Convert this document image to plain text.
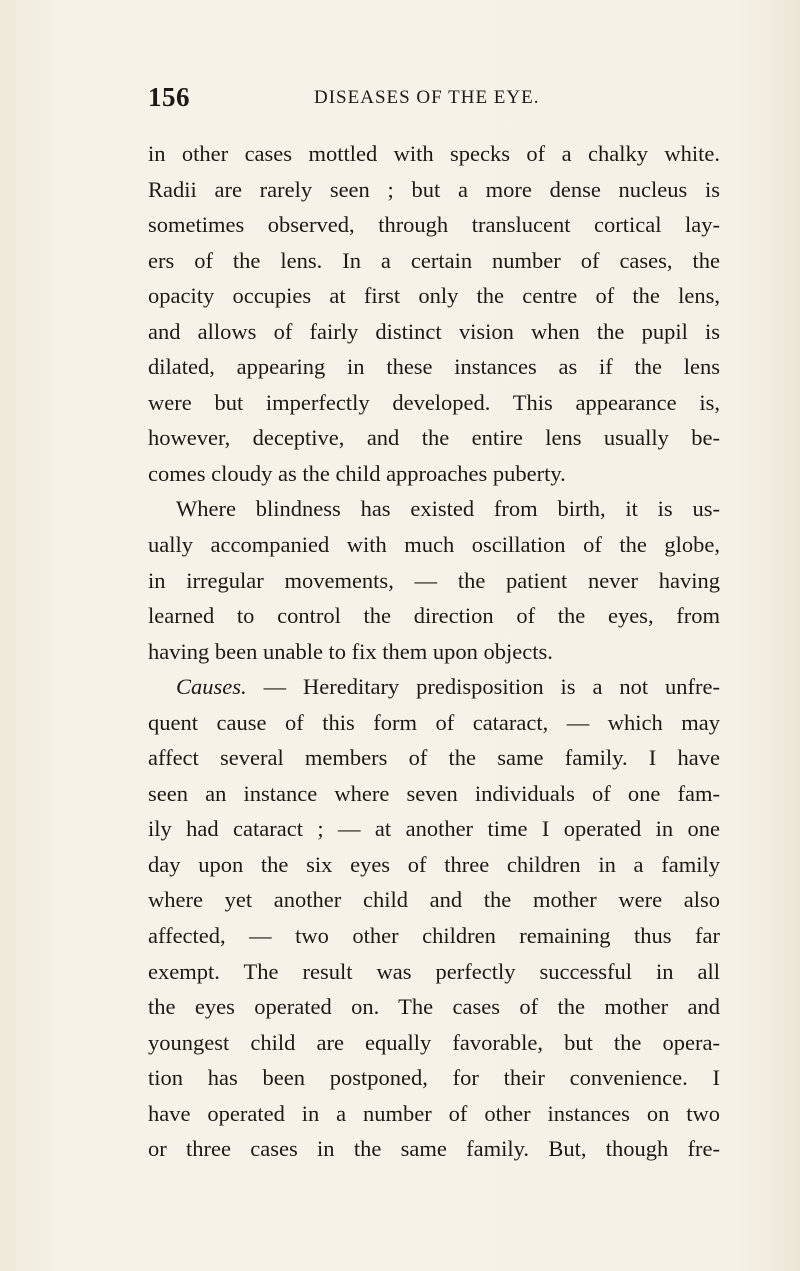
156	DISEASES OF THE EYE.
in other cases mottled with specks of a chalky white.
Radii are rarely seen ; but a more dense nucleus is
sometimes observed, through translucent cortical lay-
ers of the lens. In a certain number of cases, the
opacity occupies at first only the centre of the lens,
and allows of fairly distinct vision when the pupil is
dilated, appearing in these instances as if the lens
were but imperfectly developed. This appearance is,
however, deceptive, and the entire lens usually be-
comes cloudy as the child approaches puberty.
Where blindness has existed from birth, it is us-
ually accompanied with much oscillation of the globe,
in irregular movements, — the patient never having
learned to control the direction of the eyes, from
having been unable to fix them upon objects.
Causes. — Hereditary predisposition is a not unfre-
quent cause of this form of cataract, — which may
affect several members of the same family. I have
seen an instance where seven individuals of one fam-
ily had cataract ; — at another time I operated in one
day upon the six eyes of three children in a family
where yet another child and the mother were also
affected, — two other children remaining thus far
exempt. The result was perfectly successful in all
the eyes operated on. The cases of the mother and
youngest child are equally favorable, but the opera-
tion has been postponed, for their convenience. I
have operated in a number of other instances on two
or three cases in the same family. But, though fre-
